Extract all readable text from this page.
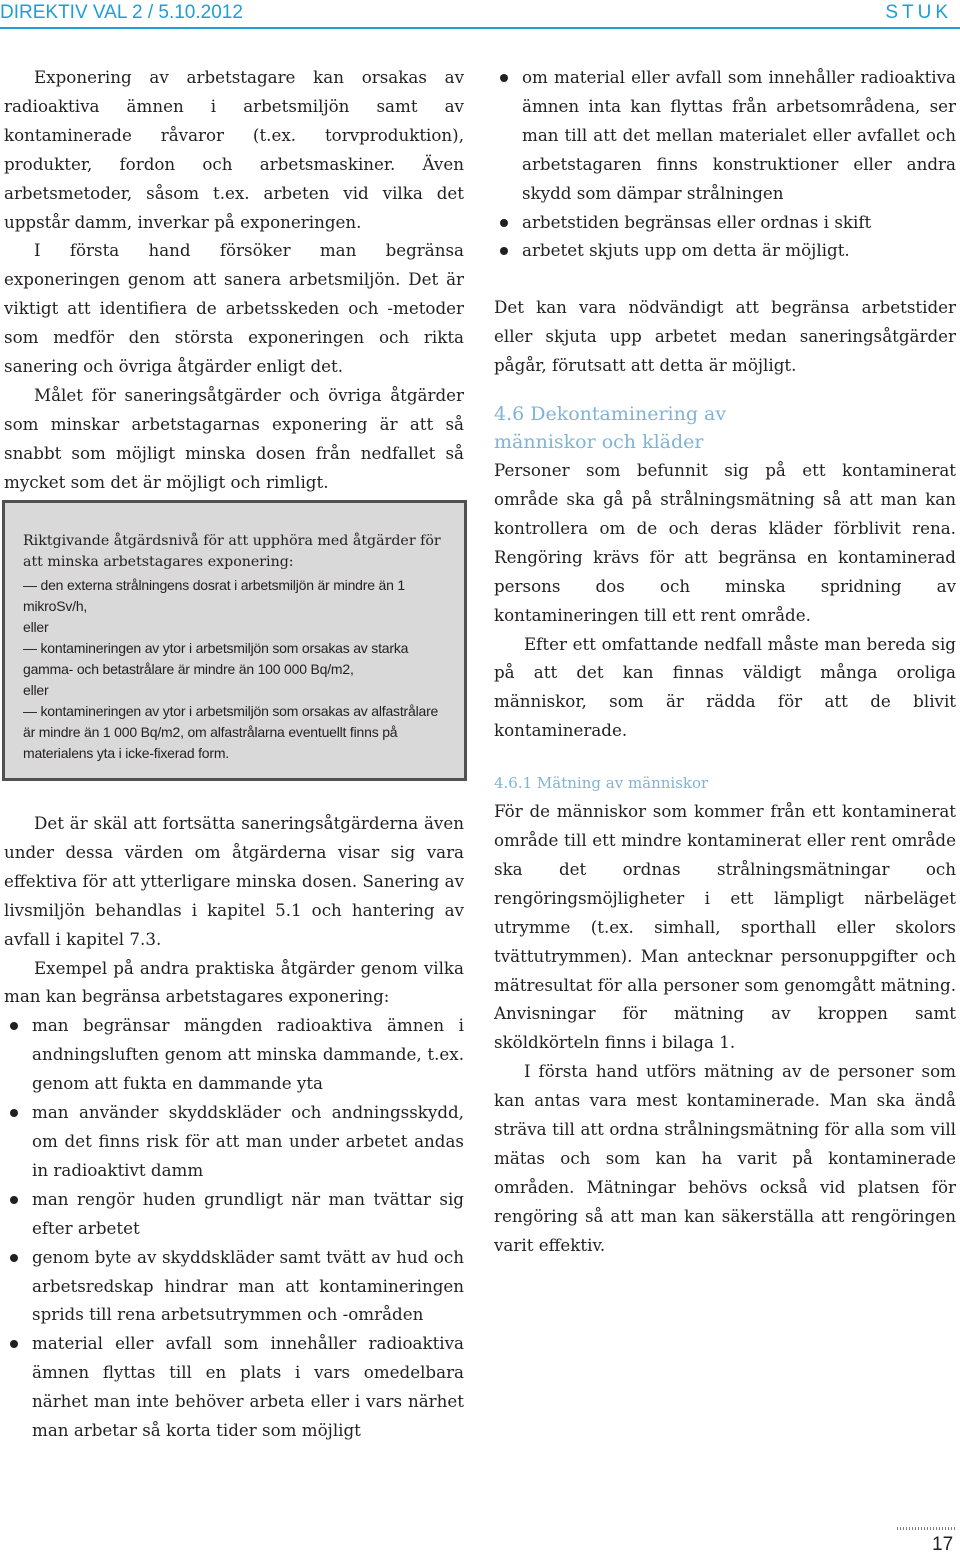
DIREKTIV VAL 2 / 5.10.2012	STUK

Exponering av arbetstagare kan orsakas av radioaktiva ämnen i arbetsmiljön samt av kontaminerade råvaror (t.ex. torvproduktion), produkter, fordon och arbetsmaskiner. Även arbetsmetoder, såsom t.ex. arbeten vid vilka det uppstår damm, inverkar på exponeringen.

I första hand försöker man begränsa exponeringen genom att sanera arbetsmiljön. Det är viktigt att identifiera de arbetsskeden och -metoder som medför den största exponeringen och rikta sanering och övriga åtgärder enligt det.

Målet för saneringsåtgärder och övriga åtgärder som minskar arbetstagarnas exponering är att så snabbt som möjligt minska dosen från nedfallet så mycket som det är möjligt och rimligt.

Riktgivande åtgärdsnivå för att upphöra med åtgärder för att minska arbetstagares exponering:
— den externa strålningens dosrat i arbetsmiljön är mindre än 1 mikroSv/h,
eller
— kontamineringen av ytor i arbetsmiljön som orsakas av starka gamma- och betastrålare är mindre än 100 000 Bq/m2,
eller
— kontamineringen av ytor i arbetsmiljön som orsakas av alfastrålare är mindre än 1 000 Bq/m2, om alfastrålarna eventuellt finns på materialens yta i icke-fixerad form.

Det är skäl att fortsätta saneringsåtgärderna även under dessa värden om åtgärderna visar sig vara effektiva för att ytterligare minska dosen. Sanering av livsmiljön behandlas i kapitel 5.1 och hantering av avfall i kapitel 7.3.

Exempel på andra praktiska åtgärder genom vilka man kan begränsa arbetstagares exponering:

man begränsar mängden radioaktiva ämnen i andningsluften genom att minska dammande, t.ex. genom att fukta en dammande yta
man använder skyddskläder och andningsskydd, om det finns risk för att man under arbetet andas in radioaktivt damm
man rengör huden grundligt när man tvättar sig efter arbetet
genom byte av skyddskläder samt tvätt av hud och arbetsredskap hindrar man att kontamineringen sprids till rena arbetsutrymmen och -områden
material eller avfall som innehåller radioaktiva ämnen flyttas till en plats i vars omedelbara närhet man inte behöver arbeta eller i vars närhet man arbetar så korta tider som möjligt
om material eller avfall som innehåller radioaktiva ämnen inta kan flyttas från arbetsområdena, ser man till att det mellan materialet eller avfallet och arbetstagaren finns konstruktioner eller andra skydd som dämpar strålningen
arbetstiden begränsas eller ordnas i skift
arbetet skjuts upp om detta är möjligt.

Det kan vara nödvändigt att begränsa arbetstider eller skjuta upp arbetet medan saneringsåtgärder pågår, förutsatt att detta är möjligt.

4.6 Dekontaminering av människor och kläder

Personer som befunnit sig på ett kontaminerat område ska gå på strålningsmätning så att man kan kontrollera om de och deras kläder förblivit rena. Rengöring krävs för att begränsa en kontaminerad persons dos och minska spridning av kontamineringen till ett rent område.

Efter ett omfattande nedfall måste man bereda sig på att det kan finnas väldigt många oroliga människor, som är rädda för att de blivit kontaminerade.

4.6.1 Mätning av människor

För de människor som kommer från ett kontaminerat område till ett mindre kontaminerat eller rent område ska det ordnas strålningsmätningar och rengöringsmöjligheter i ett lämpligt närbeläget utrymme (t.ex. simhall, sporthall eller skolors tvättutrymmen). Man antecknar personuppgifter och mätresultat för alla personer som genomgått mätning. Anvisningar för mätning av kroppen samt sköldkörteln finns i bilaga 1.

I första hand utförs mätning av de personer som kan antas vara mest kontaminerade. Man ska ändå sträva till att ordna strålningsmätning för alla som vill mätas och som kan ha varit på kontaminerade områden. Mätningar behövs också vid platsen för rengöring så att man kan säkerställa att rengöringen varit effektiv.

17
